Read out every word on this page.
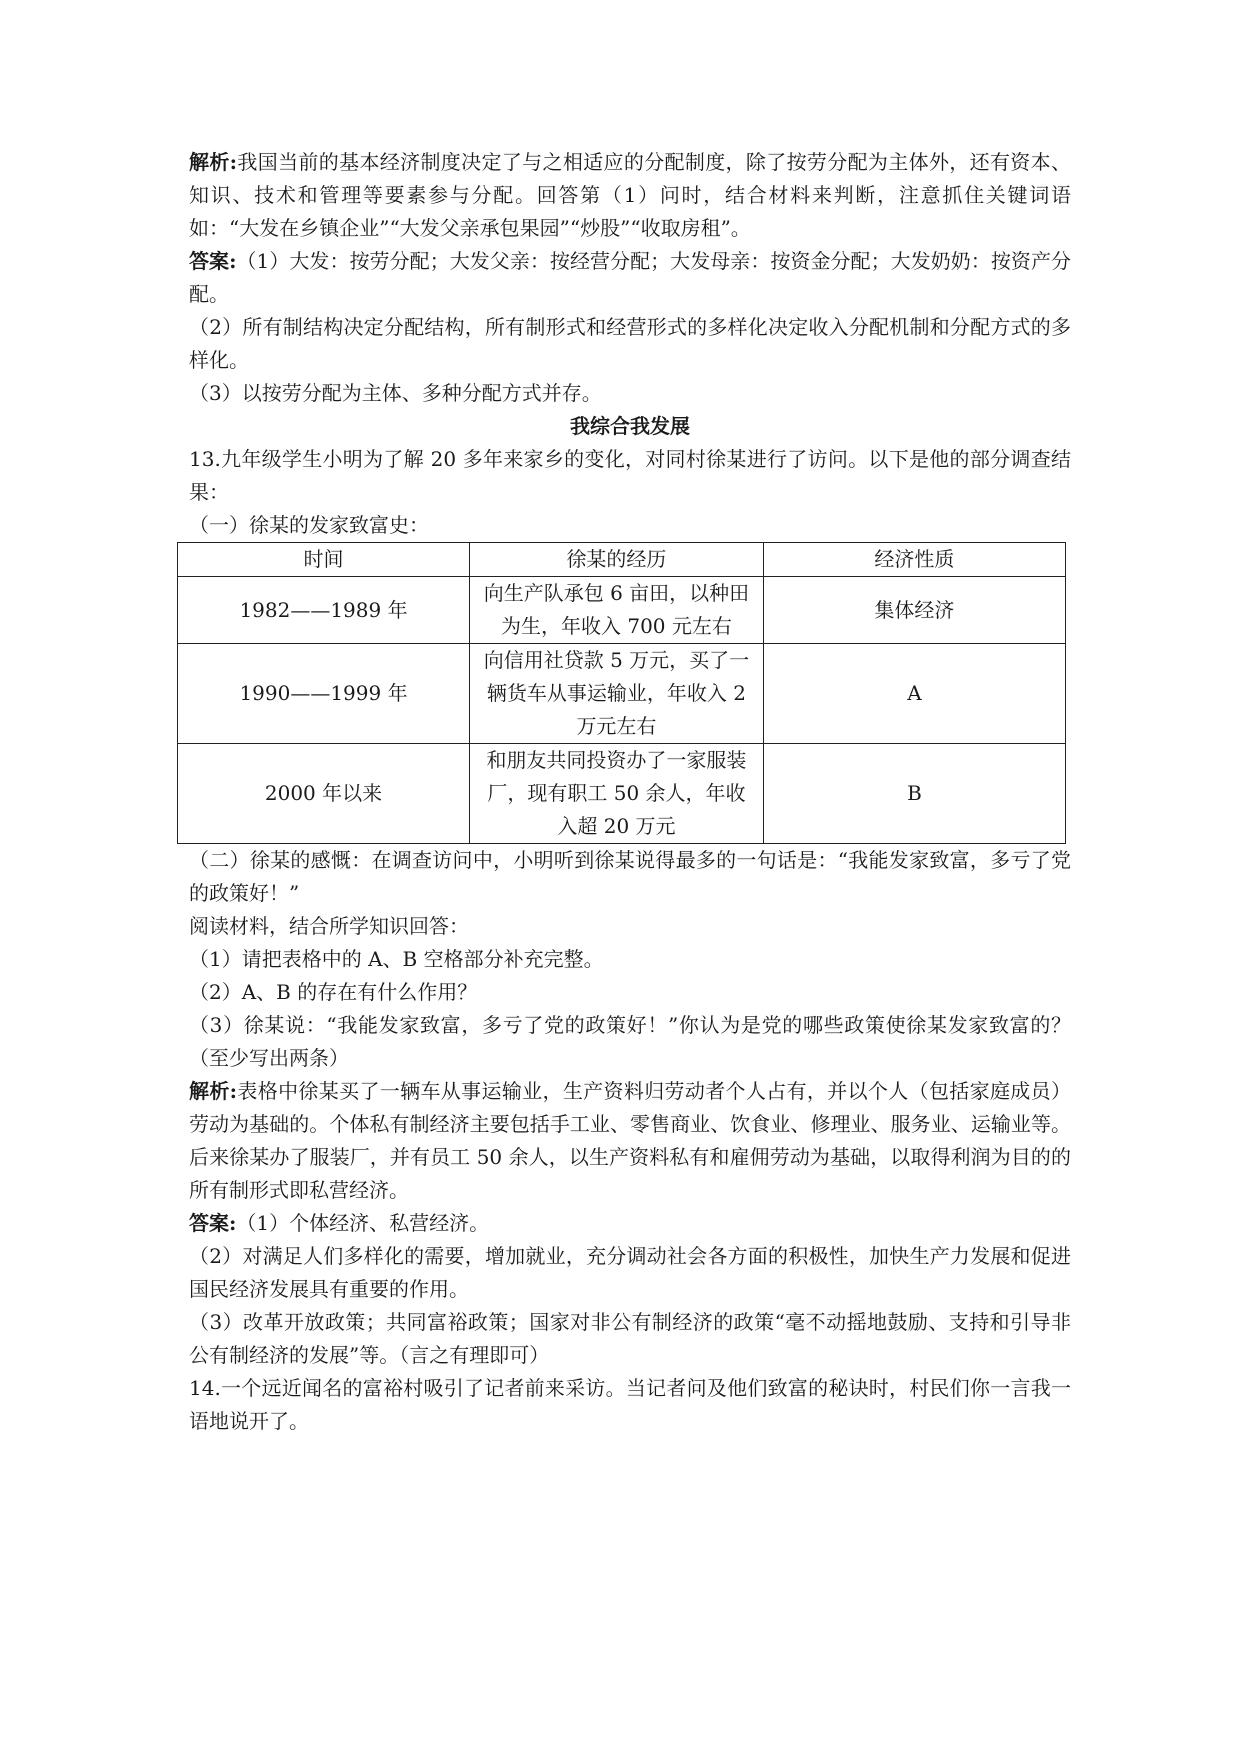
解析:我国当前的基本经济制度决定了与之相适应的分配制度，除了按劳分配为主体外，还有资本、知识、技术和管理等要素参与分配。回答第（1）问时，结合材料来判断，注意抓住关键词语如：“大发在乡镇企业”“大发父亲承包果园”“炒股”“收取房租”。

答案:（1）大发：按劳分配；大发父亲：按经营分配；大发母亲：按资金分配；大发奶奶：按资产分配。

（2）所有制结构决定分配结构，所有制形式和经营形式的多样化决定收入分配机制和分配方式的多样化。

（3）以按劳分配为主体、多种分配方式并存。

我综合我发展

13.九年级学生小明为了解 20 多年来家乡的变化，对同村徐某进行了访问。以下是他的部分调查结果：

（一）徐某的发家致富史：

时间	徐某的经历	经济性质
1982——1989 年	向生产队承包 6 亩田，以种田为生，年收入 700 元左右	集体经济
1990——1999 年	向信用社贷款 5 万元，买了一辆货车从事运输业，年收入 2 万元左右	A
2000 年以来	和朋友共同投资办了一家服装厂，现有职工 50 余人，年收入超 20 万元	B

（二）徐某的感慨：在调查访问中，小明听到徐某说得最多的一句话是：“我能发家致富，多亏了党的政策好！”

阅读材料，结合所学知识回答：

（1）请把表格中的 A、B 空格部分补充完整。

（2）A、B 的存在有什么作用？

（3）徐某说：“我能发家致富，多亏了党的政策好！”你认为是党的哪些政策使徐某发家致富的？（至少写出两条）

解析:表格中徐某买了一辆车从事运输业，生产资料归劳动者个人占有，并以个人（包括家庭成员）劳动为基础的。个体私有制经济主要包括手工业、零售商业、饮食业、修理业、服务业、运输业等。后来徐某办了服装厂，并有员工 50 余人，以生产资料私有和雇佣劳动为基础，以取得利润为目的的所有制形式即私营经济。

答案:（1）个体经济、私营经济。

（2）对满足人们多样化的需要，增加就业，充分调动社会各方面的积极性，加快生产力发展和促进国民经济发展具有重要的作用。

（3）改革开放政策；共同富裕政策；国家对非公有制经济的政策“毫不动摇地鼓励、支持和引导非公有制经济的发展”等。（言之有理即可）

14.一个远近闻名的富裕村吸引了记者前来采访。当记者问及他们致富的秘诀时，村民们你一言我一语地说开了。
